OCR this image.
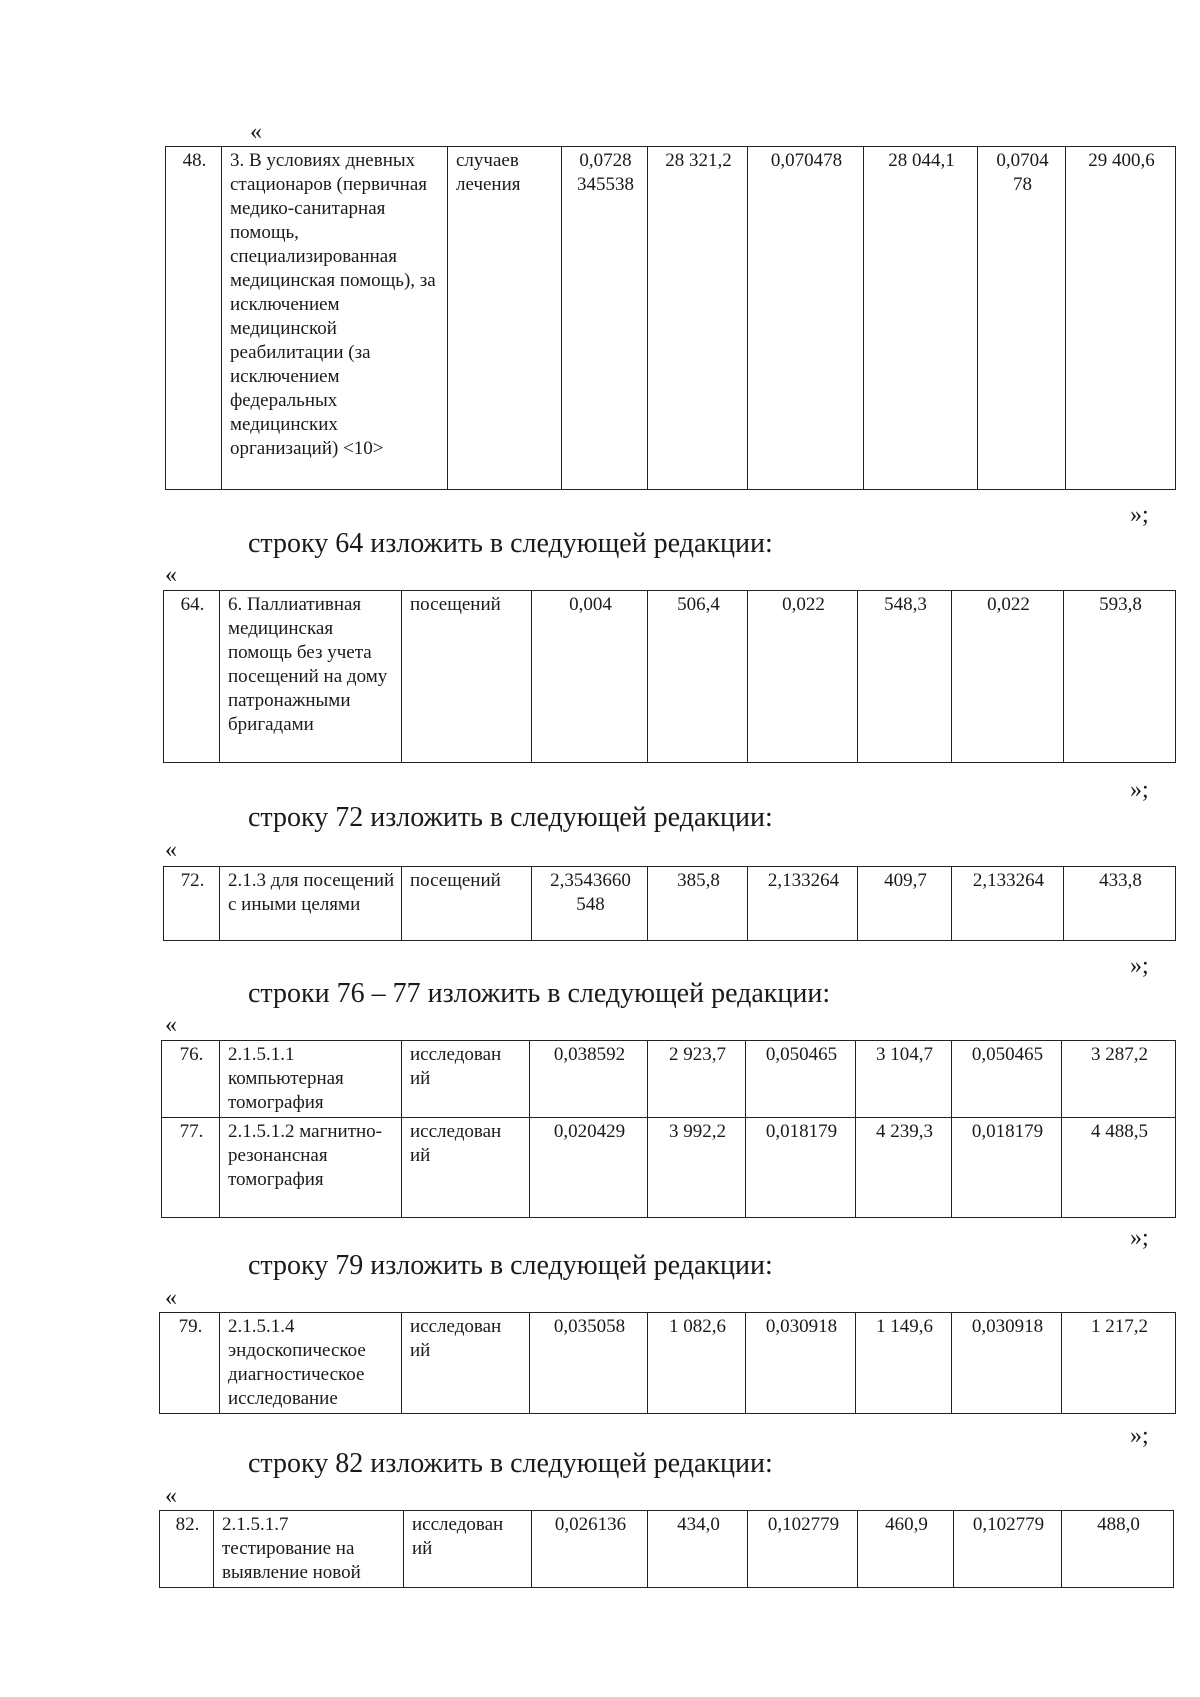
«
48.	3. В условиях дневных стационаров (первичная медико-санитарная помощь, специализированная медицинская помощь), за исключением медицинской реабилитации (за исключением федеральных медицинских организаций) <10>	случаев лечения	0,0728 345538	28 321,2	0,070478	28 044,1	0,0704 78	29 400,6
»;
строку 64 изложить в следующей редакции:
«
64.	6. Паллиативная медицинская помощь без учета посещений на дому патронажными бригадами	посещений	0,004	506,4	0,022	548,3	0,022	593,8
»;
строку 72 изложить в следующей редакции:
«
72.	2.1.3 для посещений с иными целями	посещений	2,3543660 548	385,8	2,133264	409,7	2,133264	433,8
»;
строки 76 – 77 изложить в следующей редакции:
«
76.	2.1.5.1.1 компьютерная томография	исследован ий	0,038592	2 923,7	0,050465	3 104,7	0,050465	3 287,2
77.	2.1.5.1.2 магнитно-резонансная томография	исследован ий	0,020429	3 992,2	0,018179	4 239,3	0,018179	4 488,5
»;
строку 79 изложить в следующей редакции:
«
79.	2.1.5.1.4 эндоскопическое диагностическое исследование	исследован ий	0,035058	1 082,6	0,030918	1 149,6	0,030918	1 217,2
»;
строку 82 изложить в следующей редакции:
«
82.	2.1.5.1.7 тестирование на выявление новой	исследован ий	0,026136	434,0	0,102779	460,9	0,102779	488,0
